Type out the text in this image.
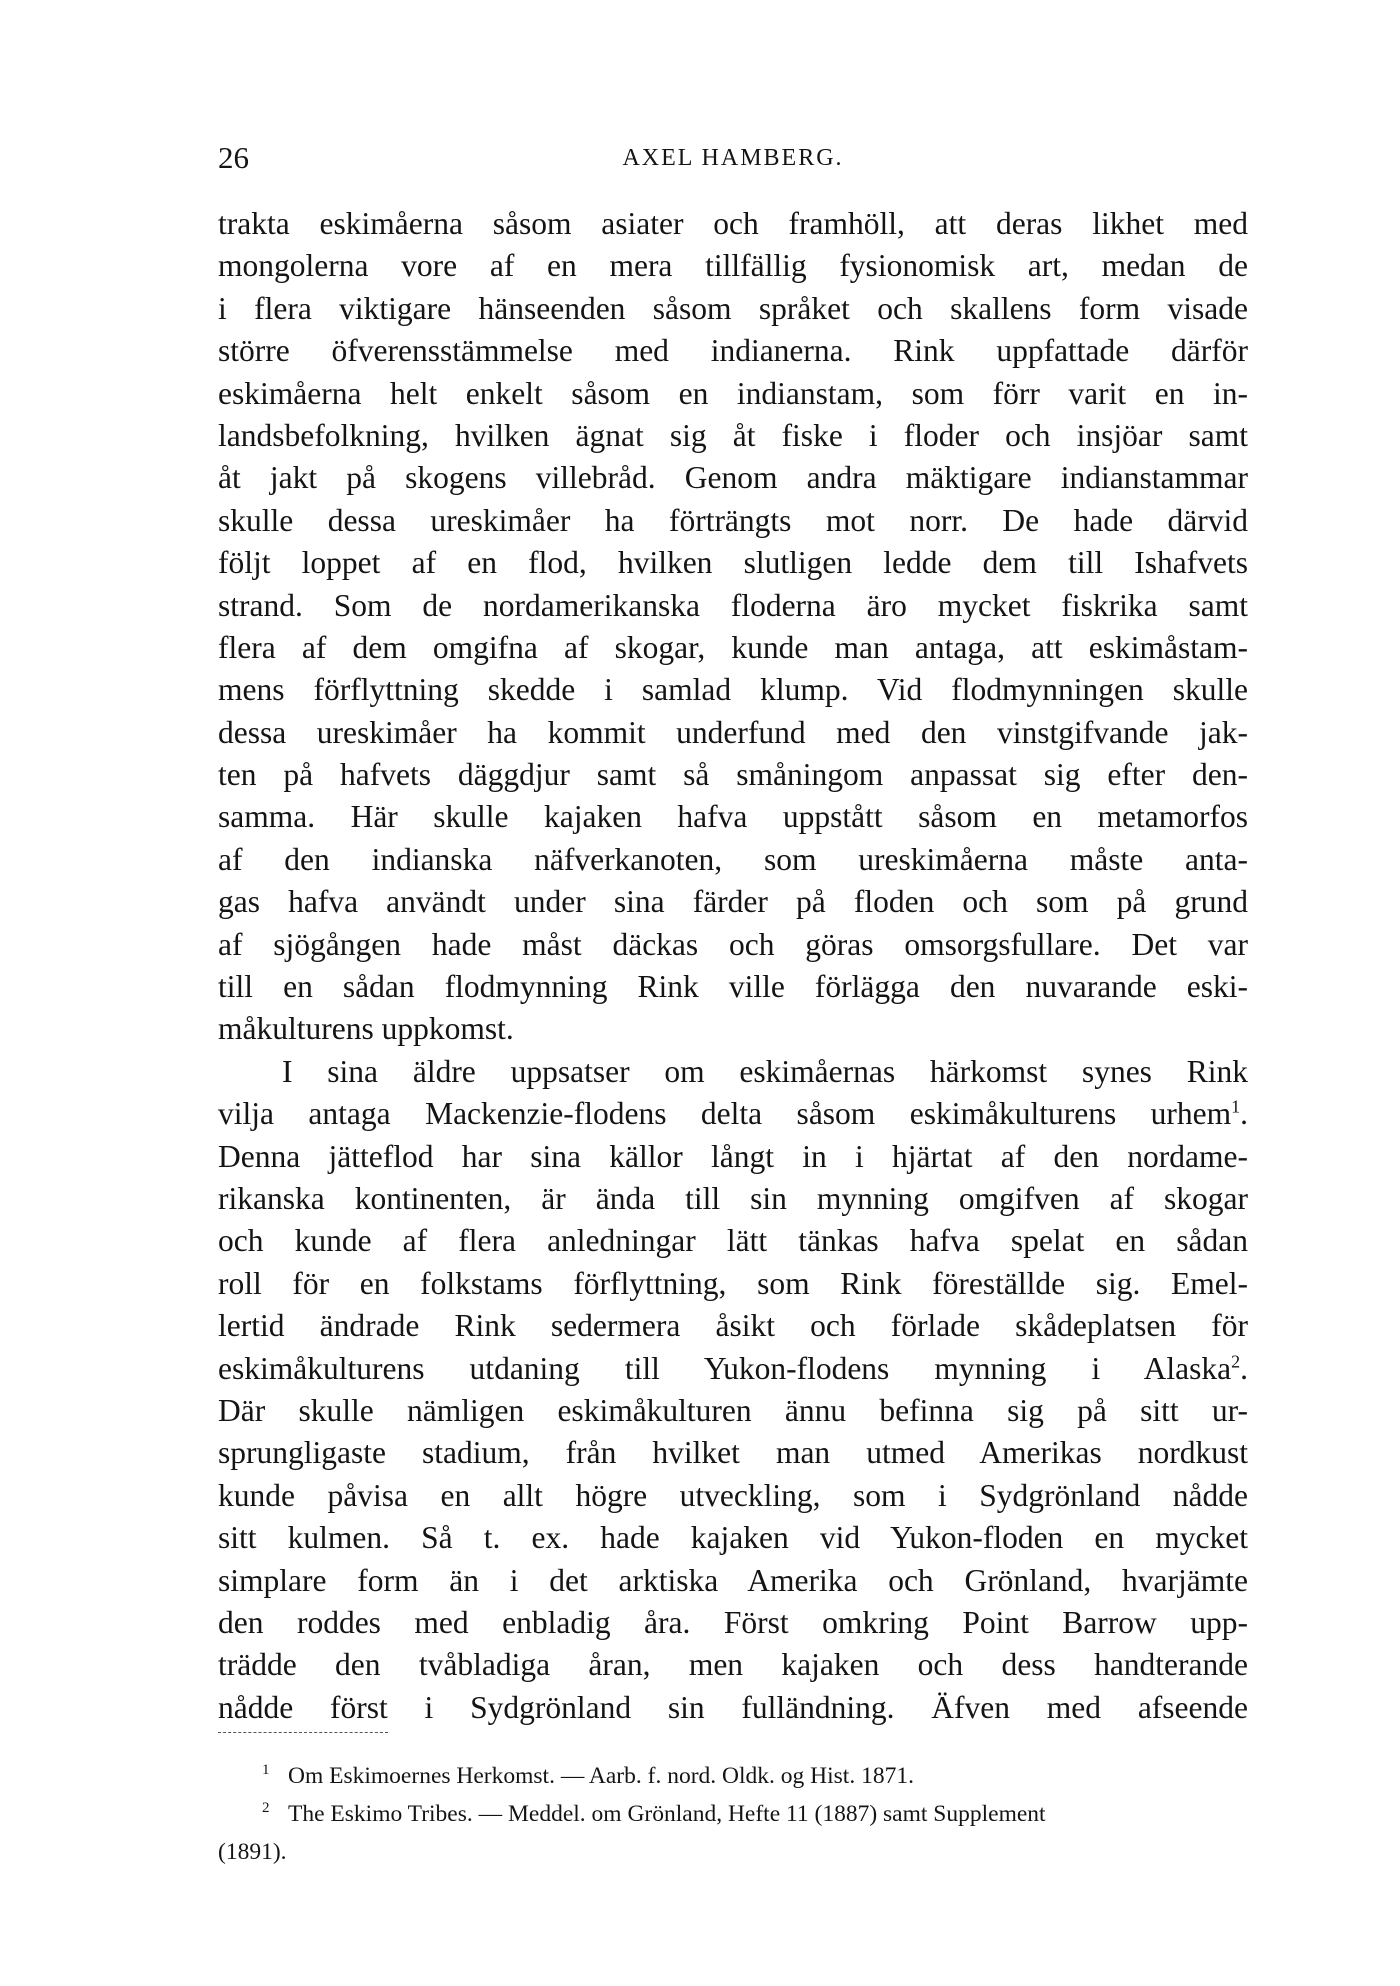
26	AXEL HAMBERG.
trakta eskimåerna såsom asiater och framhöll, att deras likhet med
mongolerna vore af en mera tillfällig fysionomisk art, medan de
i flera viktigare hänseenden såsom språket och skallens form visade
större öfverensstämmelse med indianerna. Rink uppfattade därför
eskimåerna helt enkelt såsom en indianstam, som förr varit en in-
landsbefolkning, hvilken ägnat sig åt fiske i floder och insjöar samt
åt jakt på skogens villebråd. Genom andra mäktigare indianstammar
skulle dessa ureskimåer ha förträngts mot norr. De hade därvid
följt loppet af en flod, hvilken slutligen ledde dem till Ishafvets
strand. Som de nordamerikanska floderna äro mycket fiskrika samt
flera af dem omgifna af skogar, kunde man antaga, att eskimåstam-
mens förflyttning skedde i samlad klump. Vid flodmynningen skulle
dessa ureskimåer ha kommit underfund med den vinstgifvande jak-
ten på hafvets däggdjur samt så småningom anpassat sig efter den-
samma. Här skulle kajaken hafva uppstått såsom en metamorfos
af den indianska näfverkanoten, som ureskimåerna måste anta-
gas hafva användt under sina färder på floden och som på grund
af sjögången hade måst däckas och göras omsorgsfullare. Det var
till en sådan flodmynning Rink ville förlägga den nuvarande eski-
måkulturens uppkomst.
I sina äldre uppsatser om eskimåernas härkomst synes Rink
vilja antaga Mackenzie-flodens delta såsom eskimåkulturens urhem$^1$.
Denna jätteflod har sina källor långt in i hjärtat af den nordame-
rikanska kontinenten, är ända till sin mynning omgifven af skogar
och kunde af flera anledningar lätt tänkas hafva spelat en sådan
roll för en folkstams förflyttning, som Rink föreställde sig. Emel-
lertid ändrade Rink sedermera åsikt och förlade skådeplatsen för
eskimåkulturens utdaning till Yukon-flodens mynning i Alaska$^2$.
Där skulle nämligen eskimåkulturen ännu befinna sig på sitt ur-
sprungligaste stadium, från hvilket man utmed Amerikas nordkust
kunde påvisa en allt högre utveckling, som i Sydgrönland nådde
sitt kulmen. Så t. ex. hade kajaken vid Yukon-floden en mycket
simplare form än i det arktiska Amerika och Grönland, hvarjämte
den roddes med enbladig åra. Först omkring Point Barrow upp-
trädde den tvåbladiga åran, men kajaken och dess handterande
nådde först i Sydgrönland sin fulländning. Äfven med afseende
1 Om Eskimoernes Herkomst. — Aarb. f. nord. Oldk. og Hist. 1871.
2 The Eskimo Tribes. — Meddel. om Grönland, Hefte 11 (1887) samt Supplement
(1891).
